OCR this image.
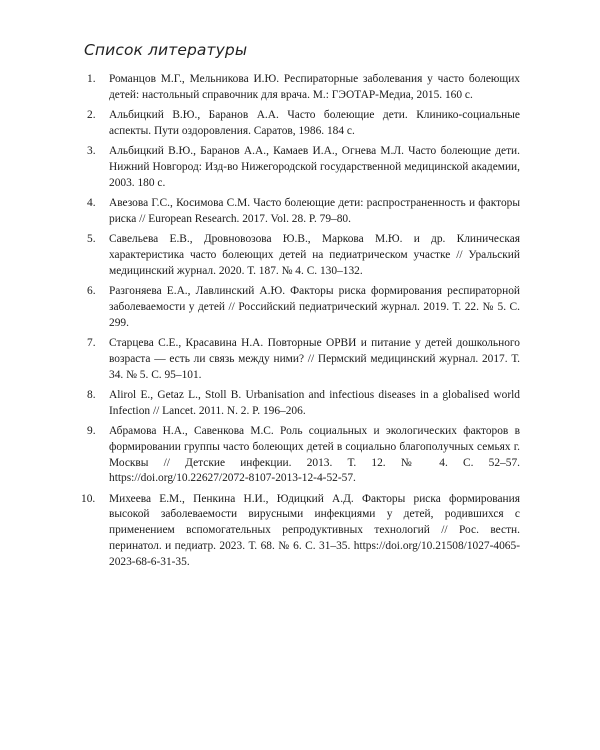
Список литературы
1. Романцов М.Г., Мельникова И.Ю. Респираторные заболевания у часто болеющих детей: настольный справочник для врача. М.: ГЭОТАР-Медиа, 2015. 160 с.
2. Альбицкий В.Ю., Баранов А.А. Часто болеющие дети. Клинико-социальные аспекты. Пути оздоровления. Саратов, 1986. 184 с.
3. Альбицкий В.Ю., Баранов А.А., Камаев И.А., Огнева М.Л. Часто болеющие дети. Нижний Новгород: Изд-во Нижегородской государственной медицинской академии, 2003. 180 с.
4. Авезова Г.С., Косимова С.М. Часто болеющие дети: распространенность и факторы риска // European Research. 2017. Vol. 28. P. 79–80.
5. Савельева Е.В., Дровновозова Ю.В., Маркова М.Ю. и др. Клиническая характеристика часто болеющих детей на педиатрическом участке // Уральский медицинский журнал. 2020. Т. 187. № 4. С. 130–132.
6. Разгоняева Е.А., Лавлинский А.Ю. Факторы риска формирования респираторной заболеваемости у детей // Российский педиатрический журнал. 2019. Т. 22. № 5. С. 299.
7. Старцева С.Е., Красавина Н.А. Повторные ОРВИ и питание у детей дошкольного возраста — есть ли связь между ними? // Пермский медицинский журнал. 2017. Т. 34. № 5. С. 95–101.
8. Alirol E., Getaz L., Stoll B. Urbanisation and infectious diseases in a globalised world Infection // Lancet. 2011. N. 2. P. 196–206.
9. Абрамова Н.А., Савенкова М.С. Роль социальных и экологических факторов в формировании группы часто болеющих детей в социально благополучных семьях г. Москвы // Детские инфекции. 2013. Т. 12. № 4. С. 52–57. https://doi.org/10.22627/2072-8107-2013-12-4-52-57.
10. Михеева Е.М., Пенкина Н.И., Юдицкий А.Д. Факторы риска формирования высокой заболеваемости вирусными инфекциями у детей, родившихся с применением вспомогательных репродуктивных технологий // Рос. вестн. перинатол. и педиатр. 2023. Т. 68. № 6. С. 31–35. https://doi.org/10.21508/1027-4065-2023-68-6-31-35.
